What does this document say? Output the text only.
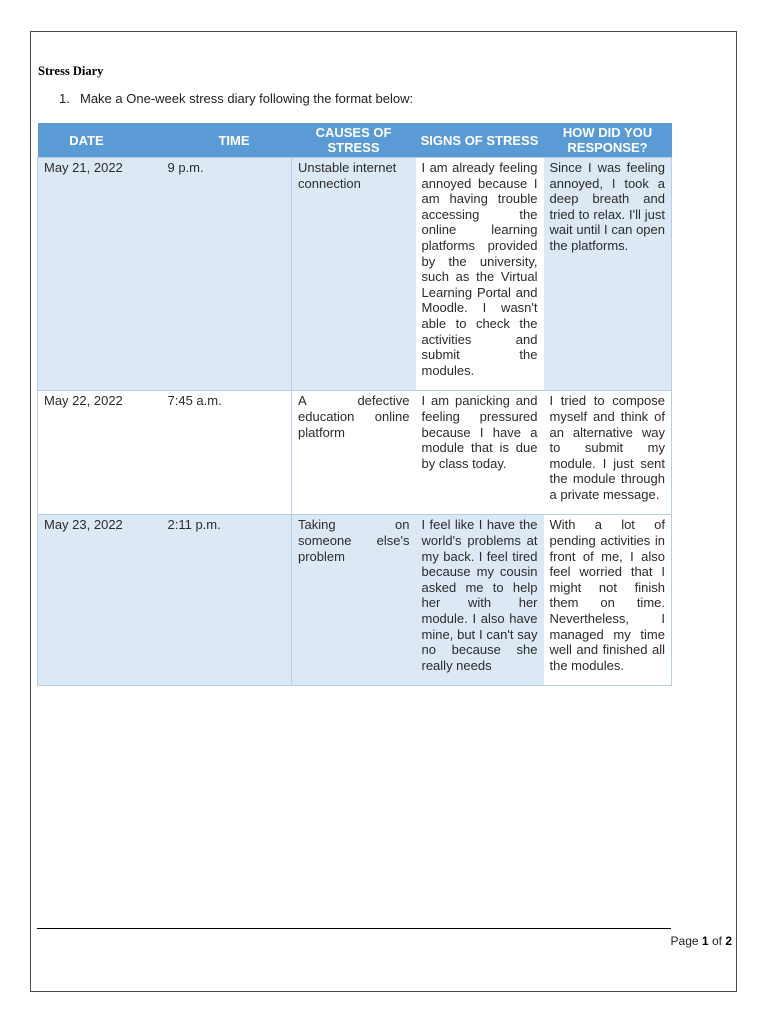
Stress Diary
1. Make a One-week stress diary following the format below:
DATE	TIME	CAUSES OF STRESS	SIGNS OF STRESS	HOW DID YOU RESPONSE?
May 21, 2022	9 p.m.	Unstable internet connection	I am already feeling annoyed because I am having trouble accessing the online learning platforms provided by the university, such as the Virtual Learning Portal and Moodle. I wasn't able to check the activities and submit the modules.	Since I was feeling annoyed, I took a deep breath and tried to relax. I'll just wait until I can open the platforms.
May 22, 2022	7:45 a.m.	A defective education online platform	I am panicking and feeling pressured because I have a module that is due by class today.	I tried to compose myself and think of an alternative way to submit my module. I just sent the module through a private message.
May 23, 2022	2:11 p.m.	Taking on someone else's problem	I feel like I have the world's problems at my back. I feel tired because my cousin asked me to help her with her module. I also have mine, but I can't say no because she really needs	With a lot of pending activities in front of me, I also feel worried that I might not finish them on time. Nevertheless, I managed my time well and finished all the modules.
Page 1 of 2
